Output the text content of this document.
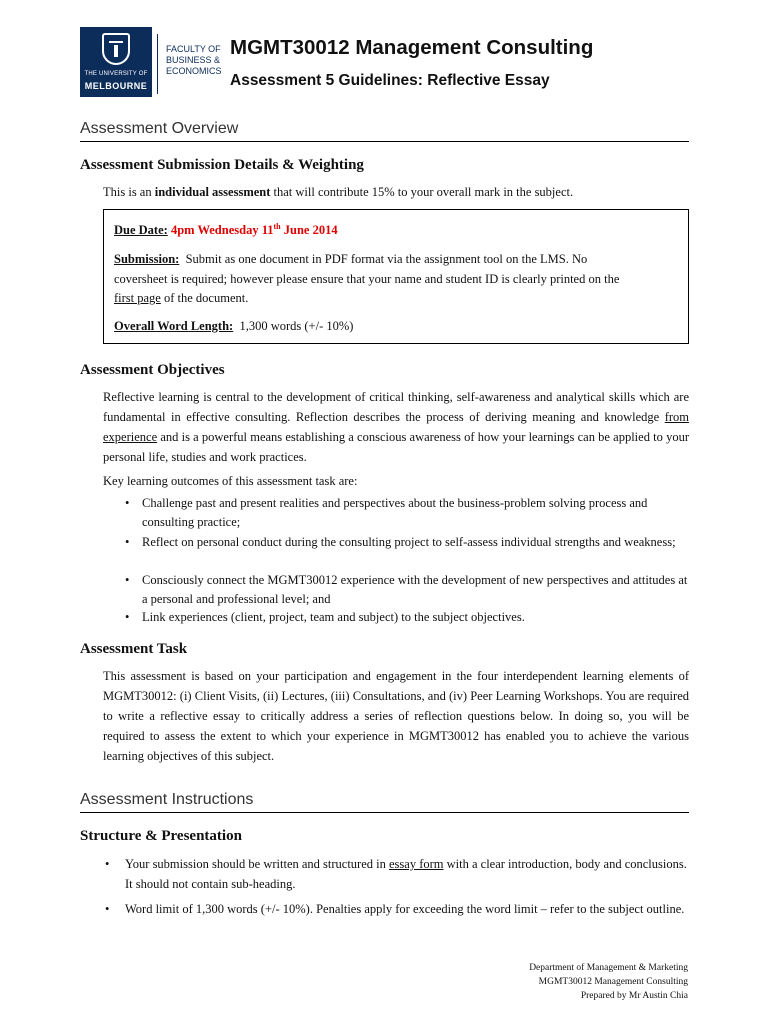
THE UNIVERSITY OF
MELBOURNE
FACULTY OF
BUSINESS &
ECONOMICS
MGMT30012 Management Consulting
Assessment 5 Guidelines: Reflective Essay
Assessment Overview
Assessment Submission Details & Weighting
This is an individual assessment that will contribute 15% to your overall mark in the subject.
Due Date: 4pm Wednesday 11th June 2014
Submission: Submit as one document in PDF format via the assignment tool on the LMS. No
coversheet is required; however please ensure that your name and student ID is clearly printed on the
first page of the document.
Overall Word Length: 1,300 words (+/- 10%)
Assessment Objectives
Reflective learning is central to the development of critical thinking, self-awareness and analytical skills which are fundamental in effective consulting. Reflection describes the process of deriving meaning and knowledge from experience and is a powerful means establishing a conscious awareness of how your learnings can be applied to your personal life, studies and work practices.
Key learning outcomes of this assessment task are:
• Challenge past and present realities and perspectives about the business-problem solving process and consulting practice;
• Reflect on personal conduct during the consulting project to self-assess individual strengths and weakness;
• Consciously connect the MGMT30012 experience with the development of new perspectives and attitudes at a personal and professional level; and
• Link experiences (client, project, team and subject) to the subject objectives.
Assessment Task
This assessment is based on your participation and engagement in the four interdependent learning elements of MGMT30012: (i) Client Visits, (ii) Lectures, (iii) Consultations, and (iv) Peer Learning Workshops. You are required to write a reflective essay to critically address a series of reflection questions below. In doing so, you will be required to assess the extent to which your experience in MGMT30012 has enabled you to achieve the various learning objectives of this subject.
Assessment Instructions
Structure & Presentation
• Your submission should be written and structured in essay form with a clear introduction, body and conclusions. It should not contain sub-heading.
• Word limit of 1,300 words (+/- 10%). Penalties apply for exceeding the word limit – refer to the subject outline.
Department of Management & Marketing
MGMT30012 Management Consulting
Prepared by Mr Austin Chia
